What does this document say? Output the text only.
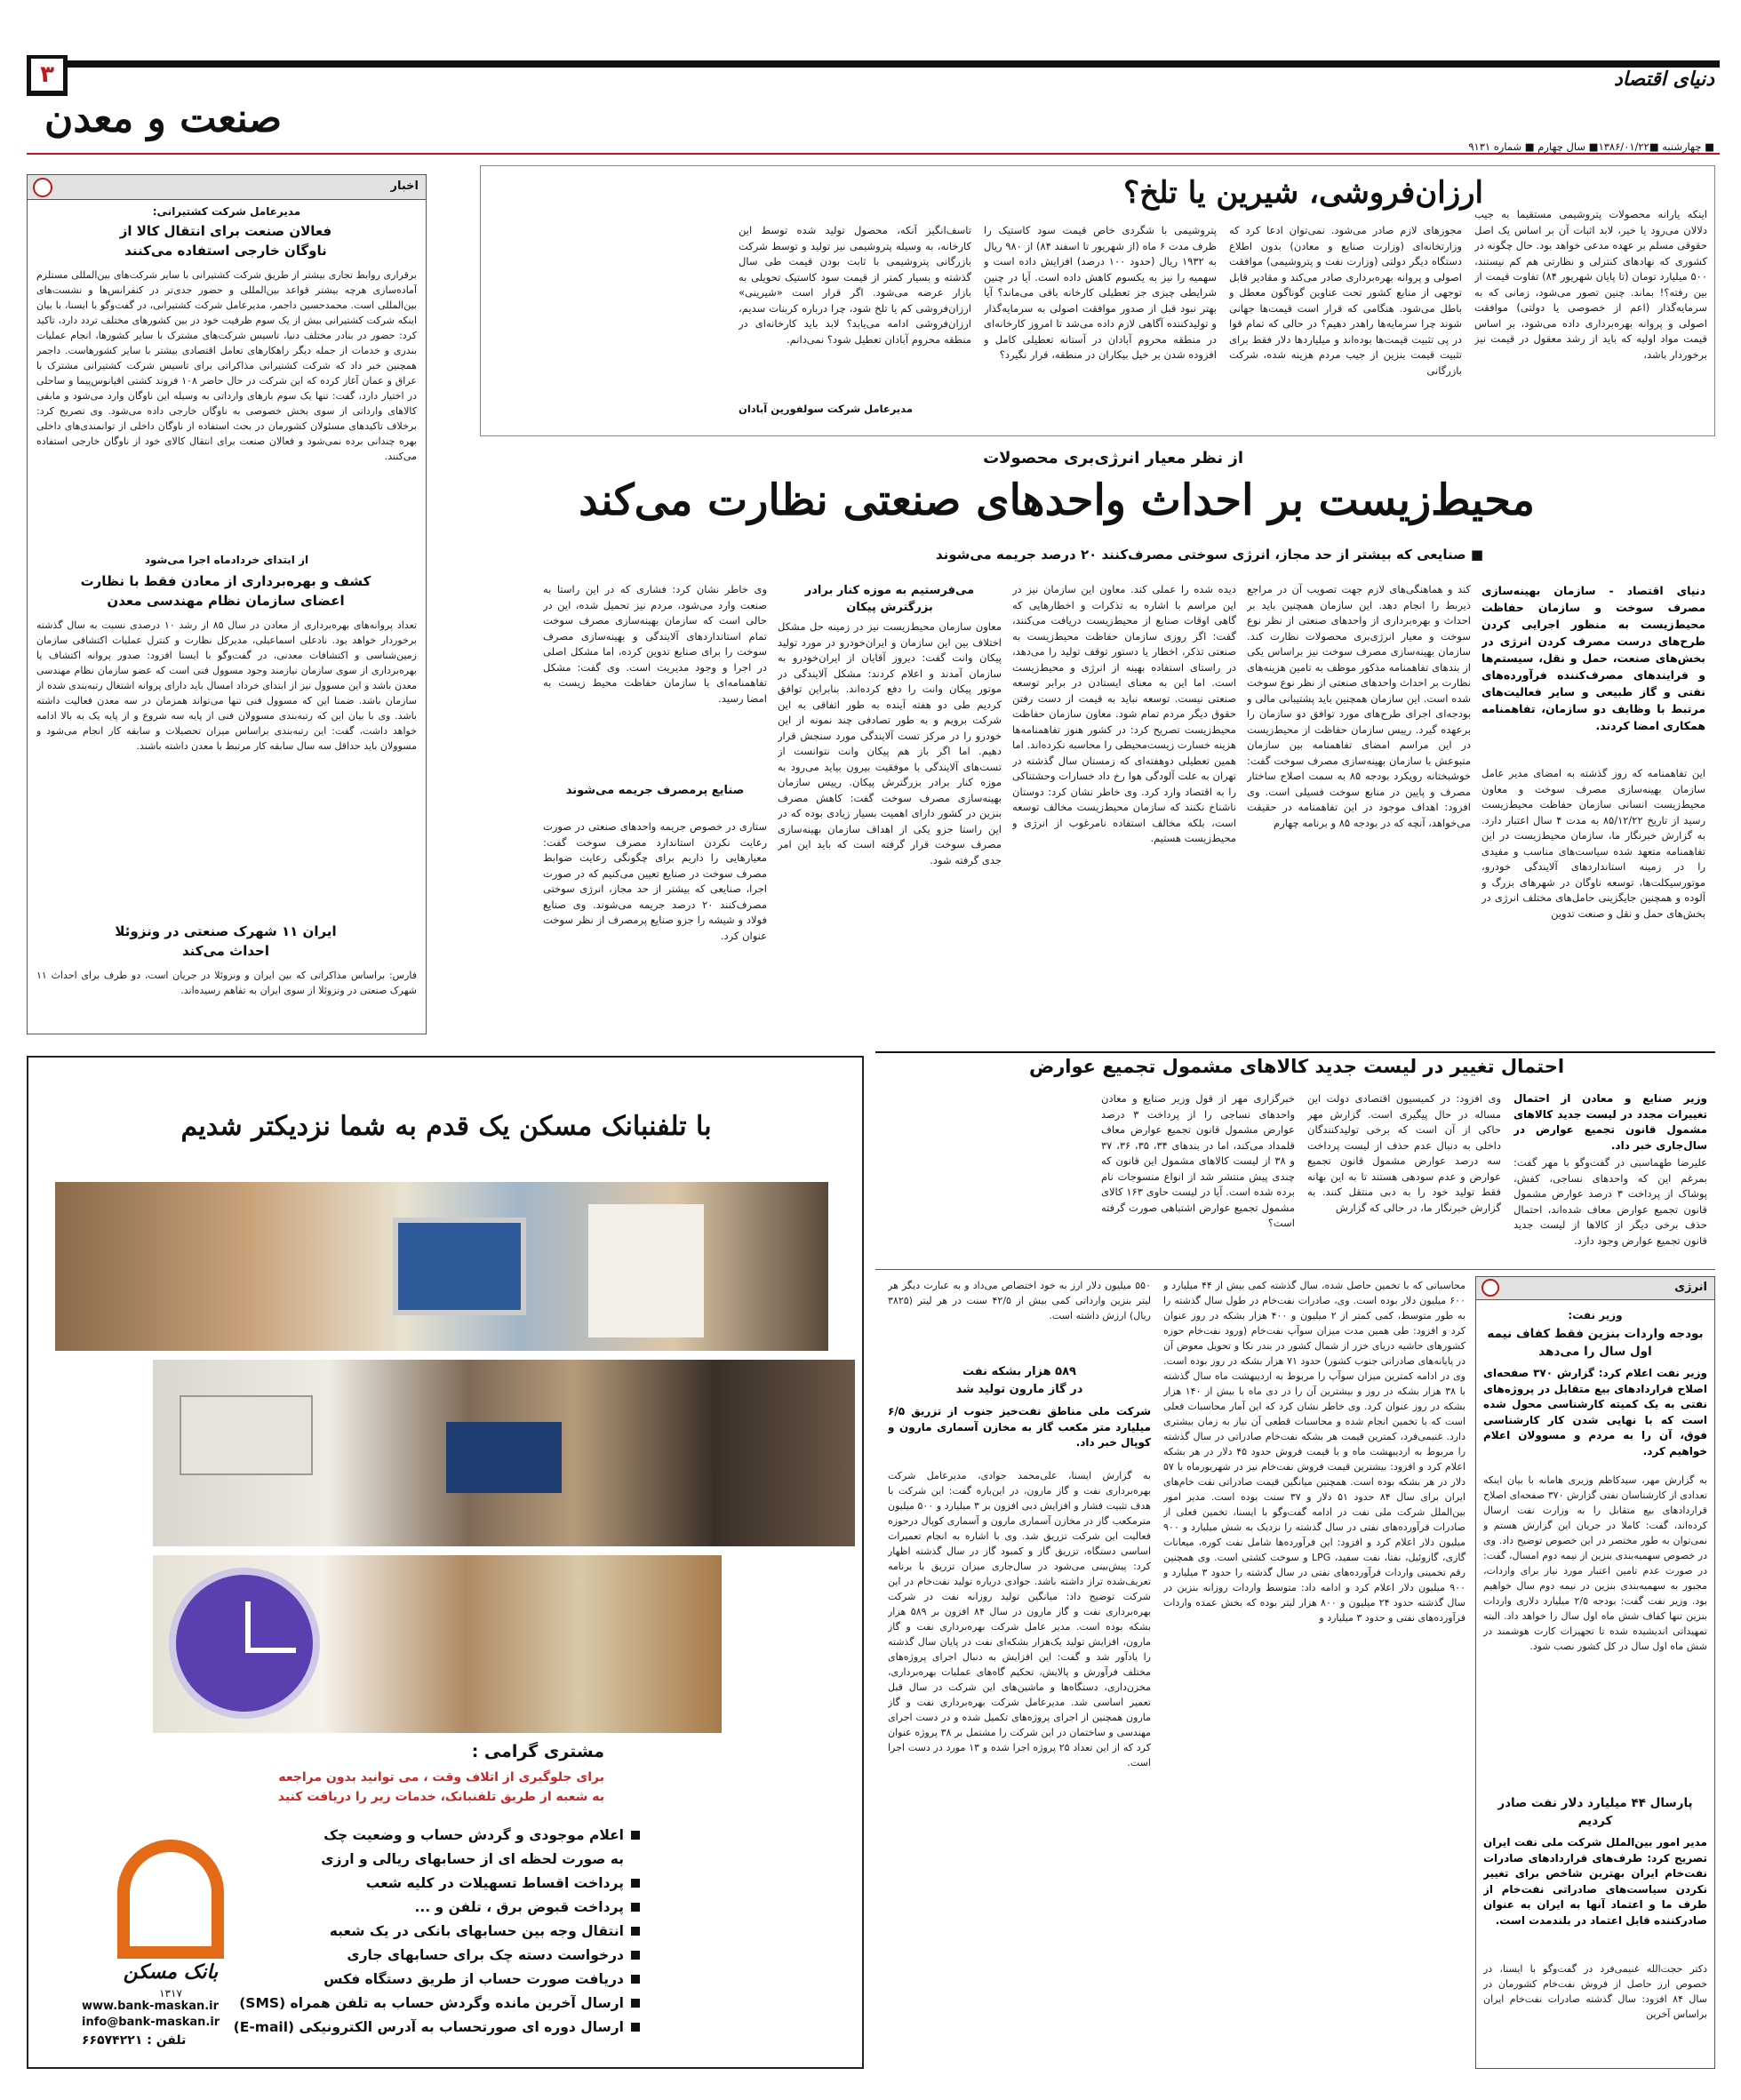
۳
صنعت و معدن
دنیای اقتصاد
■ چهارشنبه ■۱۳۸۶/۰۱/۲۲■ سال چهارم ■ شماره ۹۱۳۱
ارزان‌فروشی، شیرین یا تلخ؟
اینکه یارانه محصولات پتروشیمی مستقیما به جیب دلالان می‌رود یا خیر، لابد اثبات آن بر اساس یک اصل حقوقی مسلم بر عهده مدعی خواهد بود. حال چگونه در کشوری که نهادهای کنترلی و نظارتی هم کم نیستند، ۵۰۰ میلیارد تومان (تا پایان شهریور ۸۴) تفاوت قیمت از بین رفته؟! بماند. چنین تصور می‌شود، زمانی که به سرمایه‌گذار (اعم از خصوصی یا دولتی) موافقت اصولی و پروانه بهره‌برداری داده می‌شود، بر اساس قیمت مواد اولیه که باید از رشد معقول در قیمت نیز برخوردار باشد،
مجوزهای لازم صادر می‌شود. نمی‌توان ادعا کرد که وزارتخانه‌ای (وزارت صنایع و معادن) بدون اطلاع دستگاه دیگر دولتی (وزارت نفت و پتروشیمی) موافقت اصولی و پروانه بهره‌برداری صادر می‌کند و مقادیر قابل توجهی از منابع کشور تحت عناوین گوناگون معطل و باطل می‌شود. هنگامی که قرار است قیمت‌ها جهانی شوند چرا سرمایه‌ها راهدر دهیم؟ در حالی که تمام قوا در پی تثبیت قیمت‌ها بوده‌اند و میلیاردها دلار فقط برای تثبیت قیمت بنزین از جیب مردم هزینه شده، شرکت بازرگانی
پتروشیمی با شگردی خاص قیمت سود کاستیک را ظرف مدت ۶ ماه (از شهریور تا اسفند ۸۴) از ۹۸۰ ریال به ۱۹۳۲ ریال (حدود ۱۰۰ درصد) افزایش داده است و سهمیه را نیز به یکسوم کاهش داده است. آیا در چنین شرایطی چیزی جز تعطیلی کارخانه باقی می‌ماند؟ آیا بهتر نبود قبل از صدور موافقت اصولی به سرمایه‌گذار و تولیدکننده آگاهی لازم داده می‌شد تا امروز کارخانه‌ای در منطقه محروم آبادان در آستانه تعطیلی کامل و افزوده شدن بر خیل بیکاران در منطقه، قرار نگیرد؟
تاسف‌انگیز آنکه، محصول تولید شده توسط این کارخانه، به وسیله پتروشیمی نیز تولید و توسط شرکت بازرگانی پتروشیمی با ثابت بودن قیمت طی سال گذشته و بسیار کمتر از قیمت سود کاستیک تحویلی به بازار عرضه می‌شود. اگر قرار است «شیرینی» ارزان‌فروشی کم یا تلخ شود، چرا درباره کربنات سدیم، ارزان‌فروشی ادامه می‌یابد؟ لابد باید کارخانه‌ای در منطقه محروم آبادان تعطیل شود؟ نمی‌دانم.
مدیرعامل شرکت سولفورین آبادان
از نظر معیار انرژی‌بری محصولات
محیط‌زیست بر احداث واحدهای صنعتی نظارت می‌کند
■ صنایعی که بیشتر از حد مجاز، انرژی سوختی مصرف‌کنند ۲۰ درصد جریمه می‌شوند
دنیای اقتصاد - سازمان بهینه‌سازی مصرف سوخت و سازمان حفاظت محیط‌زیست به منظور اجرایی کردن طرح‌های درست مصرف کردن انرژی در بخش‌های صنعت، حمل و نقل، سیستم‌ها و فرایندهای مصرف‌کننده فرآورده‌های نفتی و گاز طبیعی و سایر فعالیت‌های مرتبط با وظایف دو سازمان، تفاهمنامه همکاری امضا کردند.
این تفاهمنامه که روز گذشته به امضای مدیر عامل سازمان بهینه‌سازی مصرف سوخت و معاون محیط‌زیست انسانی سازمان حفاظت محیط‌زیست رسید از تاریخ ۸۵/۱۲/۲۲ به مدت ۴ سال اعتبار دارد. به گزارش خبرنگار ما، سازمان محیط‌زیست در این تفاهمنامه متعهد شده سیاست‌های مناسب و مفیدی را در زمینه استانداردهای آلایندگی خودرو، موتورسیکلت‌ها، توسعه ناوگان در شهرهای بزرگ و آلوده و همچنین جایگزینی حامل‌های مختلف انرژی در بخش‌های حمل و نقل و صنعت تدوین
کند و هماهنگی‌های لازم جهت تصویب آن در مراجع ذیربط را انجام دهد. این سازمان همچنین باید بر احداث و بهره‌برداری از واحدهای صنعتی از نظر نوع سوخت و معیار انرژی‌بری محصولات نظارت کند. سازمان بهینه‌سازی مصرف سوخت نیز براساس یکی از بندهای تفاهمنامه مذکور موظف به تامین هزینه‌های نظارت بر احداث واحدهای صنعتی از نظر نوع سوخت شده است. این سازمان همچنین باید پشتیبانی مالی و بودجه‌ای اجرای طرح‌های مورد توافق دو سازمان را برعهده گیرد. رییس سازمان حفاظت از محیط‌زیست در این مراسم امضای تفاهمنامه بین سازمان متبوعش با سازمان بهینه‌سازی مصرف سوخت گفت: خوشبختانه رویکرد بودجه ۸۵ به سمت اصلاح ساختار مصرف و پایین در منابع سوخت فسیلی است. وی افزود: اهداف موجود در این تفاهمنامه در حقیقت می‌خواهد، آنچه که در بودجه ۸۵ و برنامه چهارم
دیده شده را عملی کند. معاون این سازمان نیز در این مراسم با اشاره به تذکرات و اخطارهایی که گاهی اوقات صنایع از محیط‌زیست دریافت می‌کنند، گفت: اگر روزی سازمان حفاظت محیط‌زیست به صنعتی تذکر، اخطار یا دستور توقف تولید را می‌دهد، در راستای استفاده بهینه از انرژی و محیط‌زیست است. اما این به معنای ایستادن در برابر توسعه صنعتی نیست. توسعه نباید به قیمت از دست رفتن حقوق دیگر مردم تمام شود. معاون سازمان حفاظت محیط‌زیست تصریح کرد: در کشور هنوز تفاهمنامه‌ها هزینه خسارت زیست‌محیطی را محاسبه نکرده‌اند. اما همین تعطیلی دوهفته‌ای که زمستان سال گذشته در تهران به علت آلودگی هوا رخ داد خسارات وحشتناکی را به اقتصاد وارد کرد. وی خاطر نشان کرد: دوستان ناشناخ نکنند که سازمان محیط‌زیست مخالف توسعه است، بلکه مخالف استفاده نامرغوب از انرژی و محیط‌زیست هستیم.
می‌فرستیم به موزه کنار برادر بزرگترش پیکان
معاون سازمان محیط‌زیست نیز در زمینه حل مشکل اختلاف بین این سازمان و ایران‌خودرو در مورد تولید پیکان وانت گفت: دیروز آقایان از ایران‌خودرو به سازمان آمدند و اعلام کردند: مشکل آلایندگی در موتور پیکان وانت را دفع کرده‌اند. بنابراین توافق کردیم طی دو هفته آینده به طور اتفاقی به این شرکت برویم و به طور تصادفی چند نمونه از این خودرو را در مرکز تست آلایندگی مورد سنجش قرار دهیم. اما اگر باز هم پیکان وانت نتوانست از تست‌های آلایندگی با موفقیت بیرون بیاید می‌رود به موزه کنار برادر بزرگترش پیکان. رییس سازمان بهینه‌سازی مصرف سوخت گفت: کاهش مصرف بنزین در کشور دارای اهمیت بسیار زیادی بوده که در این راستا جزو یکی از اهداف سازمان بهینه‌سازی مصرف سوخت قرار گرفته است که باید این امر جدی گرفته شود.
وی خاطر نشان کرد: فشاری که در این راستا به صنعت وارد می‌شود، مردم نیز تحمیل شده، این در حالی است که سازمان بهینه‌سازی مصرف سوخت تمام استانداردهای آلایندگی و بهینه‌سازی مصرف سوخت را برای صنایع تدوین کرده، اما مشکل اصلی در اجرا و وجود مدیریت است. وی گفت: مشکل تفاهمنامه‌ای با سازمان حفاظت محیط زیست به امضا رسید.
صنایع پرمصرف جریمه می‌شوند
ستاری در خصوص جریمه واحدهای صنعتی در صورت رعایت نکردن استاندارد مصرف سوخت گفت: معیارهایی را داریم برای چگونگی رعایت ضوابط مصرف سوخت در صنایع تعیین می‌کنیم که در صورت اجرا، صنایعی که بیشتر از حد مجاز، انرژی سوختی مصرف‌کنند ۲۰ درصد جریمه می‌شوند. وی صنایع فولاد و شیشه را جزو صنایع پرمصرف از نظر سوخت عنوان کرد.
اخبار
مدیرعامل شرکت کشتیرانی:
فعالان صنعت برای انتقال کالا از ناوگان خارجی استفاده می‌کنند
برقراری روابط تجاری بیشتر از طریق شرکت کشتیرانی با سایر شرکت‌های بین‌المللی مستلزم آماده‌سازی هرچه بیشتر قواعد بین‌المللی و حضور جدی‌تر در کنفرانس‌ها و نشست‌های بین‌المللی است. محمدحسین داجمر، مدیرعامل شرکت کشتیرانی، در گفت‌وگو با ایسنا، با بیان اینکه شرکت کشتیرانی بیش از یک سوم ظرفیت خود در بین کشورهای مختلف تردد دارد، تاکید کرد: حضور در بنادر مختلف دنیا، تاسیس شرکت‌های مشترک با سایر کشورها، انجام عملیات بندری و خدمات از جمله دیگر راهکارهای تعامل اقتصادی بیشتر با سایر کشورهاست. داجمر همچنین خبر داد که شرکت کشتیرانی مذاکراتی برای تاسیس شرکت کشتیرانی مشترک با عراق و عمان آغاز کرده که این شرکت در حال حاضر ۱۰۸ فروند کشتی اقیانوس‌پیما و ساحلی در اختیار دارد، گفت: تنها یک سوم بارهای وارداتی به وسیله این ناوگان وارد می‌شود و مابقی کالاهای وارداتی از سوی بخش خصوصی به ناوگان خارجی داده می‌شود. وی تصریح کرد: برخلاف تاکیدهای مسئولان کشورمان در بحث استفاده از ناوگان داخلی از توانمندی‌های داخلی بهره چندانی برده نمی‌شود و فعالان صنعت برای انتقال کالای خود از ناوگان خارجی استفاده می‌کنند.
از ابتدای خردادماه اجرا می‌شود
کشف و بهره‌برداری از معادن فقط با نظارت اعضای سازمان نظام مهندسی معدن
تعداد پروانه‌های بهره‌برداری از معادن در سال ۸۵ از رشد ۱۰ درصدی نسبت به سال گذشته برخوردار خواهد بود. نادعلی اسماعیلی، مدیرکل نظارت و کنترل عملیات اکتشافی سازمان زمین‌شناسی و اکتشافات معدنی، در گفت‌وگو با ایسنا افزود: صدور پروانه اکتشاف یا بهره‌برداری از سوی سازمان نیازمند وجود مسوول فنی است که عضو سازمان نظام مهندسی معدن باشد و این مسوول نیز از ابتدای خرداد امسال باید دارای پروانه اشتغال رتبه‌بندی شده از سازمان باشد. ضمنا این که مسوول فنی تنها می‌تواند همزمان در سه معدن فعالیت داشته باشد. وی با بیان این که رتبه‌بندی مسوولان فنی از پایه سه شروع و از پایه یک به بالا ادامه خواهد داشت، گفت: این رتبه‌بندی براساس میزان تحصیلات و سابقه کار انجام می‌شود و مسوولان باید حداقل سه سال سابقه کار مرتبط با معدن داشته باشند.
ایران ۱۱ شهرک صنعتی در ونزوئلا احداث می‌کند
فارس: براساس مذاکراتی که بین ایران و ونزوئلا در جریان است، دو طرف برای احداث ۱۱ شهرک صنعتی در ونزوئلا از سوی ایران به تفاهم رسیده‌اند.
احتمال تغییر در لیست جدید کالاهای مشمول تجمیع عوارض
وزیر صنایع و معادن از احتمال تغییرات مجدد در لیست جدید کالاهای مشمول قانون تجمیع عوارض در سال‌جاری خبر داد.
علیرضا طهماسبی در گفت‌وگو با مهر گفت: بمرغم این که واحدهای نساجی، کفش، پوشاک از پرداخت ۳ درصد عوارض مشمول قانون تجمیع عوارض معاف شده‌اند، احتمال حذف برخی دیگر از کالاها از لیست جدید قانون تجمیع عوارض وجود دارد.
وی افزود: در کمیسیون اقتصادی دولت این مساله در حال پیگیری است. گزارش مهر حاکی از آن است که برخی تولیدکنندگان داخلی به دنبال عدم حذف از لیست پرداخت سه درصد عوارض مشمول قانون تجمیع عوارض و عدم سودهی هستند تا به این بهانه فقط تولید خود را به دبی منتقل کنند. به گزارش خبرنگار ما، در حالی که گزارش
خبرگزاری مهر از قول وزیر صنایع و معادن واحدهای نساجی را از پرداخت ۳ درصد عوارض مشمول قانون تجمیع عوارض معاف قلمداد می‌کند، اما در بندهای ۳۴، ۳۵، ۳۶، ۳۷ و ۳۸ از لیست کالاهای مشمول این قانون که چندی پیش منتشر شد از انواع منسوجات نام برده شده است. آیا در لیست حاوی ۱۶۳ کالای مشمول تجمیع عوارض اشتباهی صورت گرفته است؟
انرژی
وزیر نفت:
بودجه واردات بنزین فقط کفاف نیمه اول سال را می‌دهد
وزیر نفت اعلام کرد: گزارش ۳۷۰ صفحه‌ای اصلاح قراردادهای بیع متقابل در پروژه‌های نفتی به یک کمیته کارشناسی محول شده است که با نهایی شدن کار کارشناسی فوق، آن را به مردم و مسوولان اعلام خواهیم کرد.
به گزارش مهر، سیدکاظم وزیری هامانه با بیان اینکه تعدادی از کارشناسان نفتی گزارش ۳۷۰ صفحه‌ای اصلاح قراردادهای بیع متقابل را به وزارت نفت ارسال کرده‌اند، گفت: کاملا در جریان این گزارش هستم و نمی‌توان به طور مختصر در این خصوص توضیح داد. وی در خصوص سهمیه‌بندی بنزین از نیمه دوم امسال، گفت: در صورت عدم تامین اعتبار مورد نیاز برای واردات، مجبور به سهمیه‌بندی بنزین در نیمه دوم سال خواهیم بود. وزیر نفت گفت: بودجه ۲/۵ میلیارد دلاری واردات بنزین تنها کفاف شش ماه اول سال را خواهد داد. البته تمهیداتی اندیشیده شده تا تجهیزات کارت هوشمند در شش ماه اول سال در کل کشور نصب شود.
پارسال ۴۴ میلیارد دلار نفت صادر کردیم
مدیر امور بین‌الملل شرکت ملی نفت ایران تصریح کرد: طرف‌های قراردادهای صادرات نفت‌خام ایران بهترین شاخص برای تغییر نکردن سیاست‌های صادراتی نفت‌خام از طرف ما و اعتماد آنها به ایران به عنوان صادرکننده قابل اعتماد در بلندمدت است.
دکتر حجت‌الله غنیمی‌فرد در گفت‌وگو با ایسنا، در خصوص ارز حاصل از فروش نفت‌خام کشورمان در سال ۸۴ افزود: سال گذشته صادرات نفت‌خام ایران براساس آخرین
محاسباتی که با تخمین حاصل شده، سال گذشته کمی بیش از ۴۴ میلیارد و ۶۰۰ میلیون دلار بوده است. وی، صادرات نفت‌خام در طول سال گذشته را به طور متوسط، کمی کمتر از ۲ میلیون و ۴۰۰ هزار بشکه در روز عنوان کرد و افزود: طی همین مدت میزان سوآپ نفت‌خام (ورود نفت‌خام حوزه کشورهای حاشیه دریای خزر از شمال کشور در بندر نکا و تحویل معوض آن در پایانه‌های صادراتی جنوب کشور) حدود ۷۱ هزار بشکه در روز بوده است. وی در ادامه کمترین میزان سوآپ را مربوط به اردیبهشت ماه سال گذشته با ۳۸ هزار بشکه در روز و بیشترین آن را در دی ماه با بیش از ۱۴۰ هزار بشکه در روز عنوان کرد. وی خاطر نشان کرد که این آمار محاسبات فعلی است که با تخمین انجام شده و محاسبات قطعی آن نیاز به زمان بیشتری دارد. غنیمی‌فرد، کمترین قیمت هر بشکه نفت‌خام صادراتی در سال گذشته را مربوط به اردیبهشت ماه و با قیمت فروش حدود ۴۵ دلار در هر بشکه اعلام کرد و افزود: بیشترین قیمت فروش نفت‌خام نیز در شهریورماه با ۵۷ دلار در هر بشکه بوده است. همچنین میانگین قیمت صادراتی نفت خام‌های ایران برای سال ۸۴ حدود ۵۱ دلار و ۳۷ سنت بوده است. مدیر امور بین‌الملل شرکت ملی نفت در ادامه گفت‌وگو با ایسنا، تخمین فعلی از صادرات فرآورده‌های نفتی در سال گذشته را نزدیک به شش میلیارد و ۹۰۰ میلیون دلار اعلام کرد و افزود: این فرآورده‌ها شامل نفت کوره، میعانات گازی، گازوئیل، نفتا، نفت سفید، LPG و سوخت کشتی است. وی همچنین رقم تخمینی واردات فرآورده‌های نفتی در سال گذشته را حدود ۳ میلیارد و ۹۰۰ میلیون دلار اعلام کرد و ادامه داد: متوسط واردات روزانه بنزین در سال گذشته حدود ۲۴ میلیون و ۸۰۰ هزار لیتر بوده که بخش عمده واردات فرآورده‌های نفتی و حدود ۳ میلیارد و
۵۵۰ میلیون دلار ارز به خود اختصاص می‌داد و به عبارت دیگر هر لیتر بنزین وارداتی کمی بیش از ۴۲/۵ سنت در هر لیتر (۳۸۲۵ ریال) ارزش داشته است.
۵۸۹ هزار بشکه نفت
در گاز مارون تولید شد
شرکت ملی مناطق نفت‌خیز جنوب از تزریق ۶/۵ میلیارد متر مکعب گاز به مخازن آسماری مارون و کوپال خبر داد.
به گزارش ایسنا، علی‌محمد جوادی، مدیرعامل شرکت بهره‌برداری نفت و گاز مارون، در این‌باره گفت: این شرکت با هدف تثبیت فشار و افزایش دبی افزون بر ۳ میلیارد و ۵۰۰ میلیون مترمکعب گاز در مخازن آسماری مارون و آسماری کوپال درحوزه فعالیت این شرکت تزریق شد. وی با اشاره به انجام تعمیرات اساسی دستگاه، تزریق گاز و کمبود گاز در سال گذشته اظهار کرد: پیش‌بینی می‌شود در سال‌جاری میزان تزریق با برنامه تعریف‌شده تراز داشته باشد. جوادی درباره تولید نفت‌خام در این شرکت توضیح داد: میانگین تولید روزانه نفت در شرکت بهره‌برداری نفت و گاز مارون در سال ۸۴ افزون بر ۵۸۹ هزار بشکه بوده است. مدیر عامل شرکت بهره‌برداری نفت و گاز مارون، افزایش تولید یک‌هزار بشکه‌ای نفت در پایان سال گذشته را یادآور شد و گفت: این افزایش به دنبال اجرای پروژه‌های مختلف فرآورش و پالایش، تحکیم گاه‌های عملیات بهره‌برداری، مخزن‌داری، دستگاه‌ها و ماشین‌های این شرکت در سال قبل تعمیر اساسی شد. مدیرعامل شرکت بهره‌برداری نفت و گاز مارون همچنین از اجرای پروژه‌های تکمیل شده و در دست اجرای مهندسی و ساختمان در این شرکت را مشتمل بر ۳۸ پروژه عنوان کرد که از این تعداد ۲۵ پروژه اجرا شده و ۱۳ مورد در دست اجرا است.
با تلفنبانک مسکن یک قدم به شما نزدیکتر شدیم
مشتری گرامی :
برای جلوگیری از اتلاف وقت ، می توانید بدون مراجعه
به شعبه از طریق تلفنبانک، خدمات زیر را دریافت کنید
اعلام موجودی و گردش حساب و وضعیت چک
به صورت لحظه ای از حسابهای ریالی و ارزی
پرداخت اقساط تسهیلات در کلیه شعب
پرداخت قبوض برق ، تلفن و ...
انتقال وجه بین حسابهای بانکی در یک شعبه
درخواست دسته چک برای حسابهای جاری
دریافت صورت حساب از طریق دستگاه فکس
ارسال آخرین مانده وگردش حساب به تلفن همراه (SMS)
ارسال دوره ای صورتحساب به آدرس الکترونیکی (E-mail)
بانک مسکن
۱۳۱۷
www.bank-maskan.ir
info@bank-maskan.ir
تلفن : ۶۶۵۷۴۲۲۱
